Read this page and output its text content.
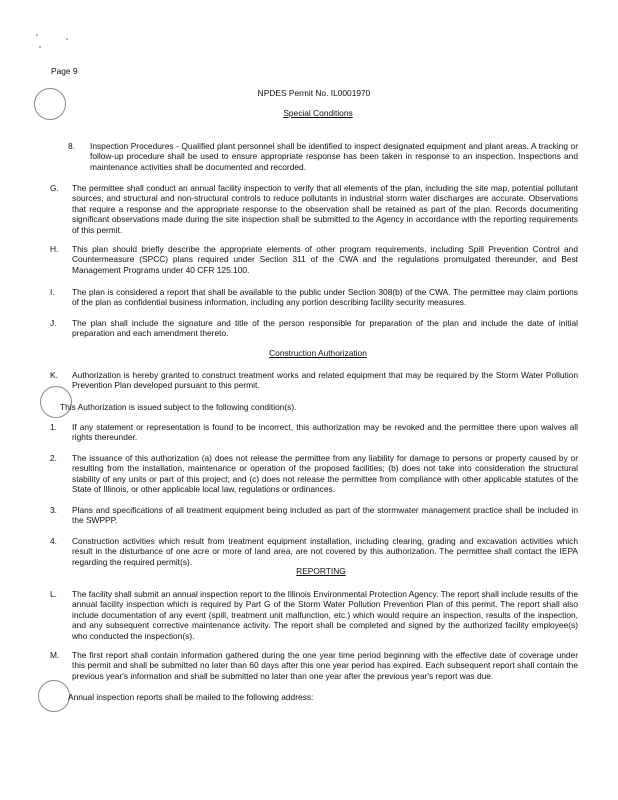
Page 9
NPDES Permit No. IL0001970
Special Conditions
8. Inspection Procedures - Qualified plant personnel shall be identified to inspect designated equipment and plant areas. A tracking or follow-up procedure shall be used to ensure appropriate response has been taken in response to an inspection. Inspections and maintenance activities shall be documented and recorded.
G. The permittee shall conduct an annual facility inspection to verify that all elements of the plan, including the site map, potential pollutant sources, and structural and non-structural controls to reduce pollutants in industrial storm water discharges are accurate. Observations that require a response and the appropriate response to the observation shall be retained as part of the plan. Records documenting significant observations made during the site inspection shall be submitted to the Agency in accordance with the reporting requirements of this permit.
H. This plan should briefly describe the appropriate elements of other program requirements, including Spill Prevention Control and Countermeasure (SPCC) plans required under Section 311 of the CWA and the regulations promulgated thereunder, and Best Management Programs under 40 CFR 125.100.
I. The plan is considered a report that shall be available to the public under Section 308(b) of the CWA. The permittee may claim portions of the plan as confidential business information, including any portion describing facility security measures.
J. The plan shall include the signature and title of the person responsible for preparation of the plan and include the date of initial preparation and each amendment thereto.
Construction Authorization
K. Authorization is hereby granted to construct treatment works and related equipment that may be required by the Storm Water Pollution Prevention Plan developed pursuant to this permit.
This Authorization is issued subject to the following condition(s).
1. If any statement or representation is found to be incorrect, this authorization may be revoked and the permittee there upon waives all rights thereunder.
2. The issuance of this authorization (a) does not release the permittee from any liability for damage to persons or property caused by or resulting from the installation, maintenance or operation of the proposed facilities; (b) does not take into consideration the structural stability of any units or part of this project; and (c) does not release the permittee from compliance with other applicable statutes of the State of Illinois, or other applicable local law, regulations or ordinances.
3. Plans and specifications of all treatment equipment being included as part of the stormwater management practice shall be included in the SWPPP.
4. Construction activities which result from treatment equipment installation, including clearing, grading and excavation activities which result in the disturbance of one acre or more of land area, are not covered by this authorization. The permittee shall contact the IEPA regarding the required permit(s).
REPORTING
L. The facility shall submit an annual inspection report to the Illinois Environmental Protection Agency. The report shall include results of the annual facility inspection which is required by Part G of the Storm Water Pollution Prevention Plan of this permit. The report shall also include documentation of any event (spill, treatment unit malfunction, etc.) which would require an inspection, results of the inspection, and any subsequent corrective maintenance activity. The report shall be completed and signed by the authorized facility employee(s) who conducted the inspection(s).
M. The first report shall contain information gathered during the one year time period beginning with the effective date of coverage under this permit and shall be submitted no later than 60 days after this one year period has expired. Each subsequent report shall contain the previous year's information and shall be submitted no later than one year after the previous year's report was due.
Annual inspection reports shall be mailed to the following address:
